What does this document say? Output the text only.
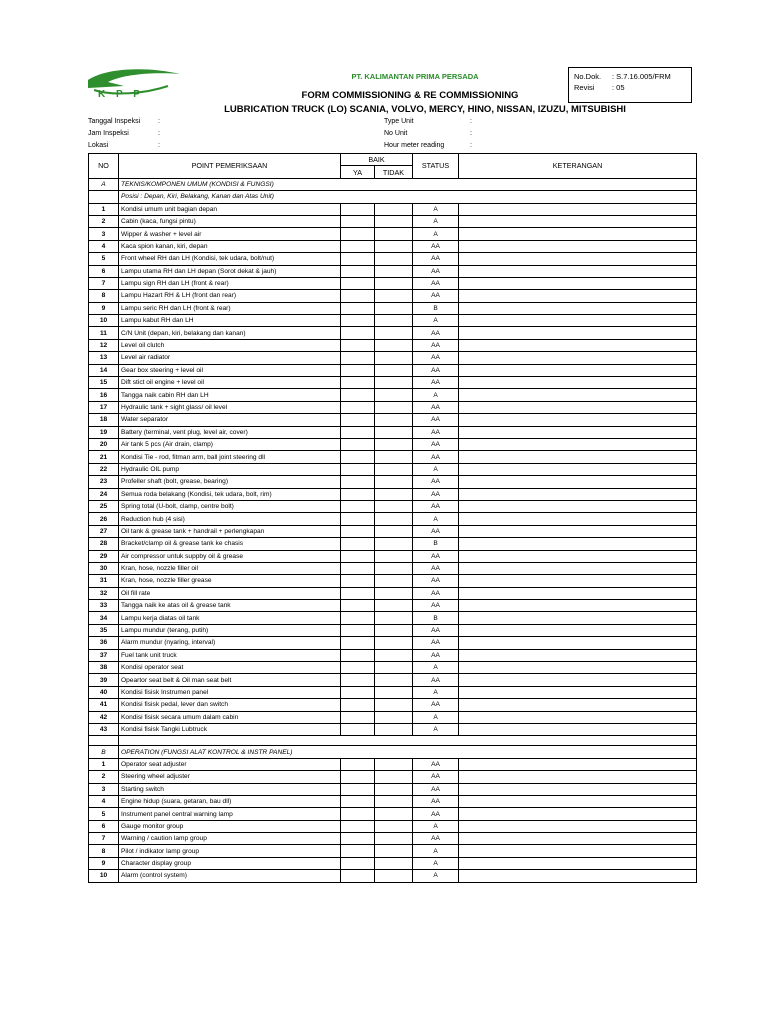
K P P
PT. KALIMANTAN PRIMA PERSADA
FORM COMMISSIONING & RE COMMISSIONING
LUBRICATION TRUCK (LO) SCANIA, VOLVO, MERCY, HINO, NISSAN, IZUZU, MITSUBISHI
No.Dok.	: S.7.16.005/FRM
Revisi	: 05
Tanggal Inspeksi	:
Jam Inspeksi	:
Lokasi	:
Type Unit	:
No Unit	:
Hour meter reading	:
NO	POINT PEMERIKSAAN	BAIK		STATUS	KETERANGAN
		YA	TIDAK		
A	TEKNIS/KOMPONEN UMUM (KONDISI & FUNGSI)				
	Posisi : Depan, Kiri, Belakang, Kanan dan Atas Unit)				
1	Kondisi umum unit bagian depan			A	
2	Cabin (kaca, fungsi pintu)			A	
3	Wipper & washer + level air			A	
4	Kaca spion kanan, kiri, depan			AA	
5	Front wheel RH dan LH (Kondisi, tek udara, bolt/nut)			AA	
6	Lampu utama RH dan LH depan (Sorot dekat & jauh)			AA	
7	Lampu sign RH dan LH (front & rear)			AA	
8	Lampu Hazart RH & LH (front dan rear)			AA	
9	Lampu seric RH dan LH (front & rear)			B	
10	Lampu kabut RH dan LH			A	
11	C/N Unit (depan, kiri, belakang dan kanan)			AA	
12	Level oil clutch			AA	
13	Level air radiator			AA	
14	Gear box steering + level oil			AA	
15	Dift stict oil engine + level oil			AA	
16	Tangga naik cabin RH dan LH			A	
17	Hydraulic tank + sight glass/ oil level			AA	
18	Water separator			AA	
19	Battery (terminal, vent plug, level air, cover)			AA	
20	Air tank 5 pcs (Air drain, clamp)			AA	
21	Kondisi Tie - rod, fitman arm, ball joint steering dll			AA	
22	Hydraulic OIL pump			A	
23	Profeller shaft (bolt, grease, bearing)			AA	
24	Semua roda belakang (Kondisi, tek udara, bolt, rim)			AA	
25	Spring total (U-bolt, clamp, centre bolt)			AA	
26	Reduction hub (4 sisi)			A	
27	Oil tank & grease tank + handrail + perlengkapan			AA	
28	Bracket/clamp oil & grease tank ke chasis			B	
29	Air compressor untuk suppby oil & grease			AA	
30	Kran, hose, nozzle filler oil			AA	
31	Kran, hose, nozzle filler grease			AA	
32	Oil fill rate			AA	
33	Tangga naik ke atas oil & grease tank			AA	
34	Lampu kerja diatas oil tank			B	
35	Lampu mundur (terang, putih)			AA	
36	Alarm mundur (nyaring, interval)			AA	
37	Fuel tank unit truck			AA	
38	Kondisi operator seat			A	
39	Opeartor seat belt & Oil man seat belt			AA	
40	Kondisi fisisk Instrumen panel			A	
41	Kondisi fisisk pedal, lever dan switch			AA	
42	Kondisi fisisk secara umum dalam cabin			A	
43	Kondisi fisisk Tangki Lubtruck			A	

B	OPERATION (FUNGSI ALAT KONTROL & INSTR PANEL)				
1	Operator seat adjuster			AA	
2	Steering wheel adjuster			AA	
3	Starting switch			AA	
4	Engine hidup (suara, getaran, bau dll)			AA	
5	Instrument panel central warning lamp			AA	
6	Gauge monitor group			A	
7	Warning / caution lamp group			AA	
8	Pilot / indikator lamp group			A	
9	Character display group			A	
10	Alarm (control system)			A	
